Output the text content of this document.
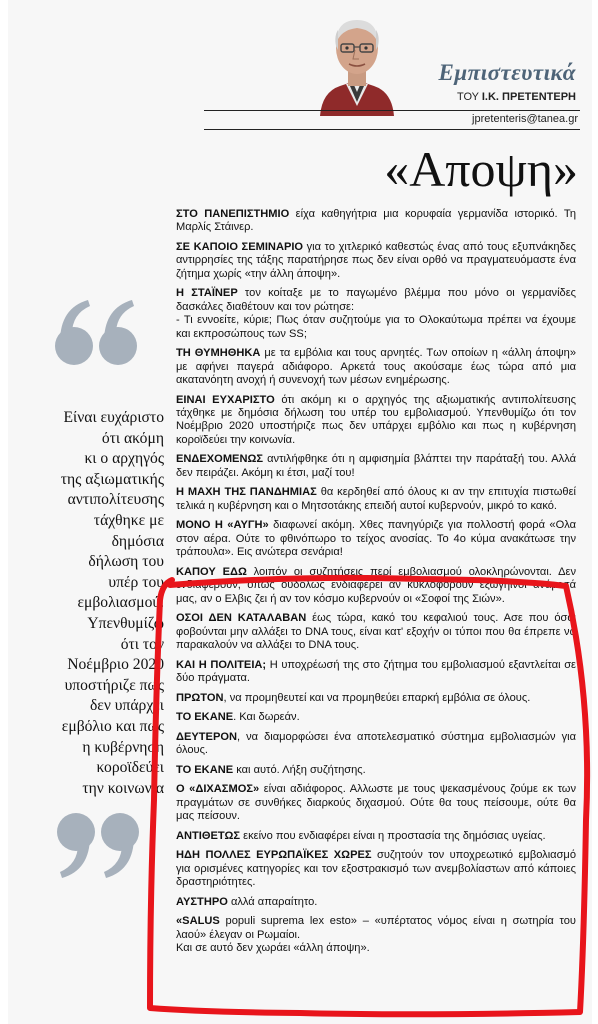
Εμπιστευτικά
ΤΟΥ Ι.Κ. ΠΡΕΤΕΝΤΕΡΗ
jpretenteris@tanea.gr
«Αποψη»
Είναι ευχάριστο
ότι ακόμη
κι ο αρχηγός
της αξιωματικής
αντιπολίτευσης
τάχθηκε με
δημόσια
δήλωση του
υπέρ του
εμβολιασμού.
Υπενθυμίζω
ότι τον
Νοέμβριο 2020
υποστήριζε πως
δεν υπάρχει
εμβόλιο και πως
η κυβέρνηση
κοροϊδεύει
την κοινωνία

ΣΤΟ ΠΑΝΕΠΙΣΤΗΜΙΟ είχα καθηγήτρια μια κορυφαία γερμανίδα ιστορικό. Τη Μαρλίς Στάινερ.

ΣΕ ΚΑΠΟΙΟ ΣΕΜΙΝΑΡΙΟ για το χιτλερικό καθεστώς ένας από τους εξυπνάκηδες αντιρρησίες της τάξης παρατήρησε πως δεν είναι ορθό να πραγματευόμαστε ένα ζήτημα χωρίς «την άλλη άποψη».

Η ΣΤΑΪΝΕΡ τον κοίταξε με το παγωμένο βλέμμα που μόνο οι γερμανίδες δασκάλες διαθέτουν και τον ρώτησε:
- Τι εννοείτε, κύριε; Πως όταν συζητούμε για το Ολοκαύτωμα πρέπει να έχουμε και εκπροσώπους των SS;

ΤΗ ΘΥΜΗΘΗΚΑ με τα εμβόλια και τους αρνητές. Των οποίων η «άλλη άποψη» με αφήνει παγερά αδιάφορο. Αρκετά τους ακούσαμε έως τώρα από μια ακατανόητη ανοχή ή συνενοχή των μέσων ενημέρωσης.

ΕΙΝΑΙ ΕΥΧΑΡΙΣΤΟ ότι ακόμη κι ο αρχηγός της αξιωματικής αντιπολίτευσης τάχθηκε με δημόσια δήλωση του υπέρ του εμβολιασμού. Υπενθυμίζω ότι τον Νοέμβριο 2020 υποστήριζε πως δεν υπάρχει εμβόλιο και πως η κυβέρνηση κοροϊδεύει την κοινωνία.

ΕΝΔΕΧΟΜΕΝΩΣ αντιλήφθηκε ότι η αμφισημία βλάπτει την παράταξή του. Αλλά δεν πειράζει. Ακόμη κι έτσι, μαζί του!

Η ΜΑΧΗ ΤΗΣ ΠΑΝΔΗΜΙΑΣ θα κερδηθεί από όλους κι αν την επιτυχία πιστωθεί τελικά η κυβέρνηση και ο Μητσοτάκης επειδή αυτοί κυβερνούν, μικρό το κακό.

ΜΟΝΟ Η «ΑΥΓΗ» διαφωνεί ακόμη. Χθες πανηγύριζε για πολλοστή φορά «Ολα στον αέρα. Ούτε το φθινόπωρο το τείχος ανοσίας. Το 4ο κύμα ανακάτωσε την τράπουλα». Εις ανώτερα σενάρια!

ΚΑΠΟΥ ΕΔΩ λοιπόν οι συζητήσεις περί εμβολιασμού ολοκληρώνονται. Δεν ενδιαφέρουν, όπως ουδόλως ενδιαφέρει αν κυκλοφορούν εξωγήινοι ανάμεσά μας, αν ο Ελβις ζει ή αν τον κόσμο κυβερνούν οι «Σοφοί της Σιών».

ΟΣΟΙ ΔΕΝ ΚΑΤΑΛΑΒΑΝ έως τώρα, κακό του κεφαλιού τους. Ασε που όσοι φοβούνται μην αλλάξει το DNA τους, είναι κατ' εξοχήν οι τύποι που θα έπρεπε να παρακαλούν να αλλάξει το DNA τους.

ΚΑΙ Η ΠΟΛΙΤΕΙΑ; Η υποχρέωσή της στο ζήτημα του εμβολιασμού εξαντλείται σε δύο πράγματα.

ΠΡΩΤΟΝ, να προμηθευτεί και να προμηθεύει επαρκή εμβόλια σε όλους.

ΤΟ ΕΚΑΝΕ. Και δωρεάν.

ΔΕΥΤΕΡΟΝ, να διαμορφώσει ένα αποτελεσματικό σύστημα εμβολιασμών για όλους.

ΤΟ ΕΚΑΝΕ και αυτό. Λήξη συζήτησης.

Ο «ΔΙΧΑΣΜΟΣ» είναι αδιάφορος. Αλλωστε με τους ψεκασμένους ζούμε εκ των πραγμάτων σε συνθήκες διαρκούς διχασμού. Ούτε θα τους πείσουμε, ούτε θα μας πείσουν.

ΑΝΤΙΘΕΤΩΣ εκείνο που ενδιαφέρει είναι η προστασία της δημόσιας υγείας.

ΗΔΗ ΠΟΛΛΕΣ ΕΥΡΩΠΑΪΚΕΣ ΧΩΡΕΣ συζητούν τον υποχρεωτικό εμβολιασμό για ορισμένες κατηγορίες και τον εξοστρακισμό των ανεμβολίαστων από κάποιες δραστηριότητες.

ΑΥΣΤΗΡΟ αλλά απαραίτητο.

«SALUS populi suprema lex esto» – «υπέρτατος νόμος είναι η σωτηρία του λαού» έλεγαν οι Ρωμαίοι.
Και σε αυτό δεν χωράει «άλλη άποψη».
